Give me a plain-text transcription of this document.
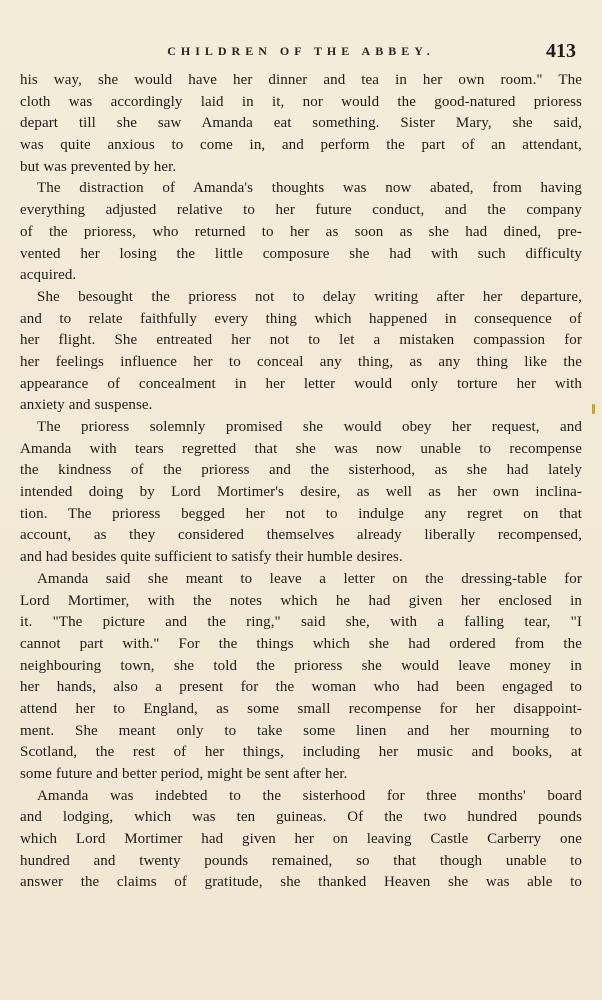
CHILDREN OF THE ABBEY.	413
his way, she would have her dinner and tea in her own room." The
cloth was accordingly laid in it, nor would the good-natured prioress
depart till she saw Amanda eat something. Sister Mary, she said,
was quite anxious to come in, and perform the part of an attendant,
but was prevented by her.
The distraction of Amanda's thoughts was now abated, from having
everything adjusted relative to her future conduct, and the company
of the prioress, who returned to her as soon as she had dined, pre-
vented her losing the little composure she had with such difficulty
acquired.
She besought the prioress not to delay writing after her departure,
and to relate faithfully every thing which happened in consequence of
her flight. She entreated her not to let a mistaken compassion for
her feelings influence her to conceal any thing, as any thing like the
appearance of concealment in her letter would only torture her with
anxiety and suspense.
The prioress solemnly promised she would obey her request, and
Amanda with tears regretted that she was now unable to recompense
the kindness of the prioress and the sisterhood, as she had lately
intended doing by Lord Mortimer's desire, as well as her own inclina-
tion. The prioress begged her not to indulge any regret on that
account, as they considered themselves already liberally recompensed,
and had besides quite sufficient to satisfy their humble desires.
Amanda said she meant to leave a letter on the dressing-table for
Lord Mortimer, with the notes which he had given her enclosed in
it. "The picture and the ring," said she, with a falling tear, "I
cannot part with." For the things which she had ordered from the
neighbouring town, she told the prioress she would leave money in
her hands, also a present for the woman who had been engaged to
attend her to England, as some small recompense for her disappoint-
ment. She meant only to take some linen and her mourning to
Scotland, the rest of her things, including her music and books, at
some future and better period, might be sent after her.
Amanda was indebted to the sisterhood for three months' board
and lodging, which was ten guineas. Of the two hundred pounds
which Lord Mortimer had given her on leaving Castle Carberry one
hundred and twenty pounds remained, so that though unable to
answer the claims of gratitude, she thanked Heaven she was able to
